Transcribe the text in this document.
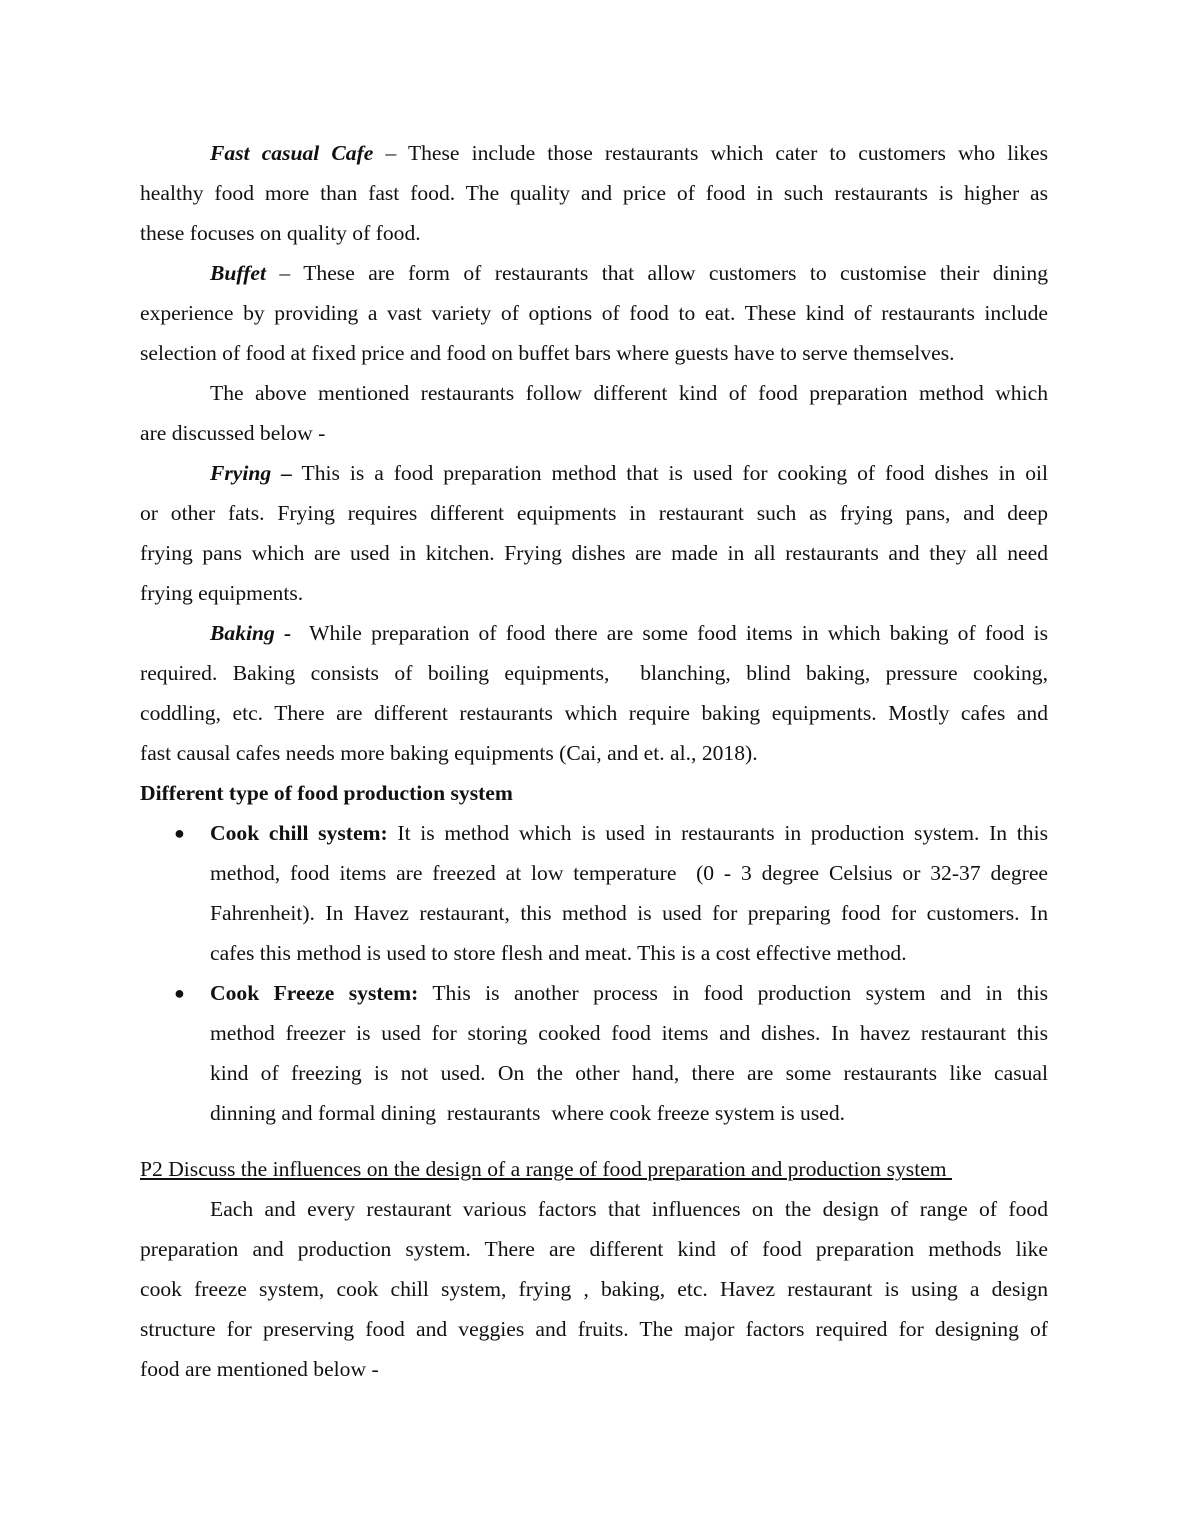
Fast casual Cafe – These include those restaurants which cater to customers who likes
healthy food more than fast food. The quality and price of food in such restaurants is higher as
these focuses on quality of food.
Buffet – These are form of restaurants that allow customers to customise their dining
experience by providing a vast variety of options of food to eat. These kind of restaurants include
selection of food at fixed price and food on buffet bars where guests have to serve themselves.
The above mentioned restaurants follow different kind of food preparation method which
are discussed below -
Frying – This is a food preparation method that is used for cooking of food dishes in oil
or other fats. Frying requires different equipments in restaurant such as frying pans, and deep
frying pans which are used in kitchen. Frying dishes are made in all restaurants and they all need
frying equipments.
Baking -  While preparation of food there are some food items in which baking of food is
required. Baking consists of boiling equipments,  blanching, blind baking, pressure cooking,
coddling, etc. There are different restaurants which require baking equipments. Mostly cafes and
fast causal cafes needs more baking equipments (Cai, and et. al., 2018).
Different type of food production system
● Cook chill system: It is method which is used in restaurants in production system. In this
method, food items are freezed at low temperature  (0 - 3 degree Celsius or 32-37 degree
Fahrenheit). In Havez restaurant, this method is used for preparing food for customers. In
cafes this method is used to store flesh and meat. This is a cost effective method.
● Cook Freeze system: This is another process in food production system and in this
method freezer is used for storing cooked food items and dishes. In havez restaurant this
kind of freezing is not used. On the other hand, there are some restaurants like casual
dinning and formal dining  restaurants  where cook freeze system is used.
P2 Discuss the influences on the design of a range of food preparation and production system
Each and every restaurant various factors that influences on the design of range of food
preparation and production system. There are different kind of food preparation methods like
cook freeze system, cook chill system, frying , baking, etc. Havez restaurant is using a design
structure for preserving food and veggies and fruits. The major factors required for designing of
food are mentioned below -
